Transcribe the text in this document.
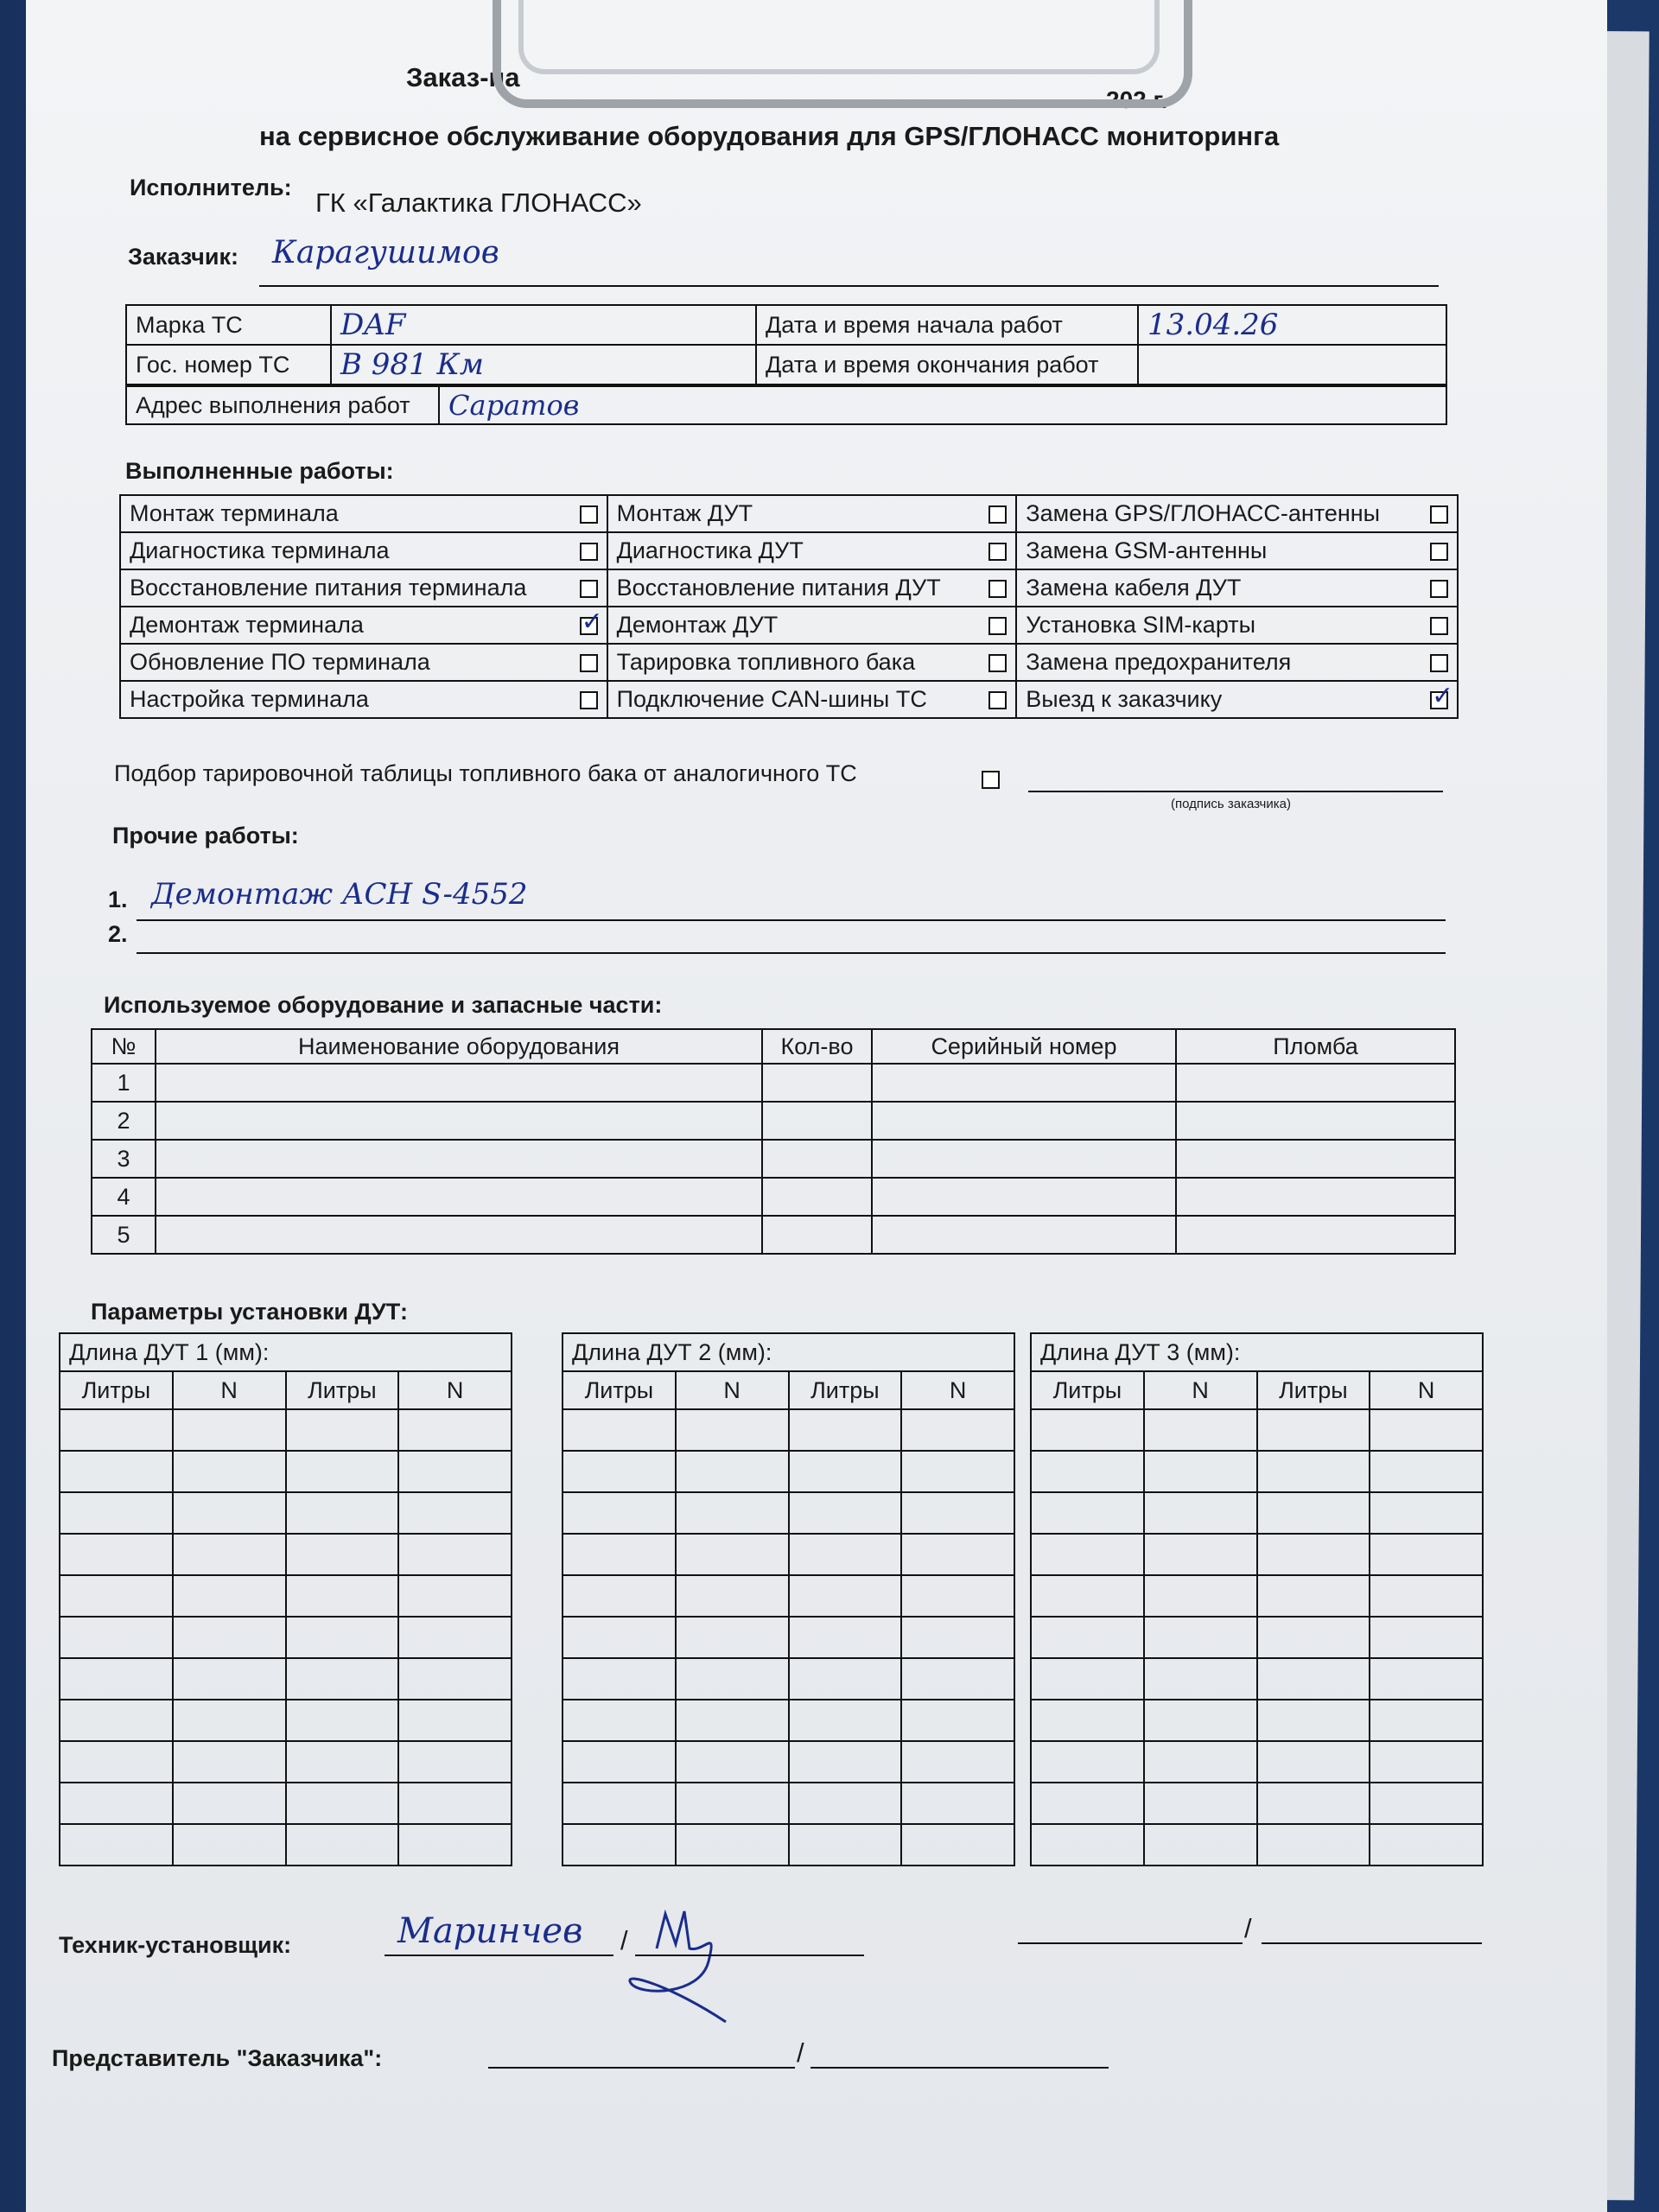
Заказ-на
202 г.
на сервисное обслуживание оборудования для GPS/ГЛОНАСС мониторинга
Исполнитель: ГК «Галактика ГЛОНАСС»
Заказчик: Карагушимов
Марка ТС	DAF	Дата и время начала работ	13.04.26
Гос. номер ТС	В 981 Км	Дата и время окончания работ	
Адрес выполнения работ	Саратов
Выполненные работы:
Монтаж терминала		Монтаж ДУТ		Замена GPS/ГЛОНАСС-антенны	
Диагностика терминала		Диагностика ДУТ		Замена GSM-антенны	
Восстановление питания терминала		Восстановление питания ДУТ		Замена кабеля ДУТ	
Демонтаж терминала	✓	Демонтаж ДУТ		Установка SIM-карты	
Обновление ПО терминала		Тарировка топливного бака		Замена предохранителя	
Настройка терминала		Подключение CAN-шины ТС		Выезд к заказчику	✓
Подбор тарировочной таблицы топливного бака от аналогичного ТС
(подпись заказчика)
Прочие работы:
1. Демонтаж АСН S-4552
2.
Используемое оборудование и запасные части:
№	Наименование оборудования	Кол-во	Серийный номер	Пломба
1				
2				
3				
4				
5				
Параметры установки ДУТ:
Длина ДУТ 1 (мм):			
Литры	N	Литры	N

Длина ДУТ 2 (мм):			
Литры	N	Литры	N

Длина ДУТ 3 (мм):			
Литры	N	Литры	N

Техник-установщик:	Маринчев /	/
Представитель "Заказчика":	/
